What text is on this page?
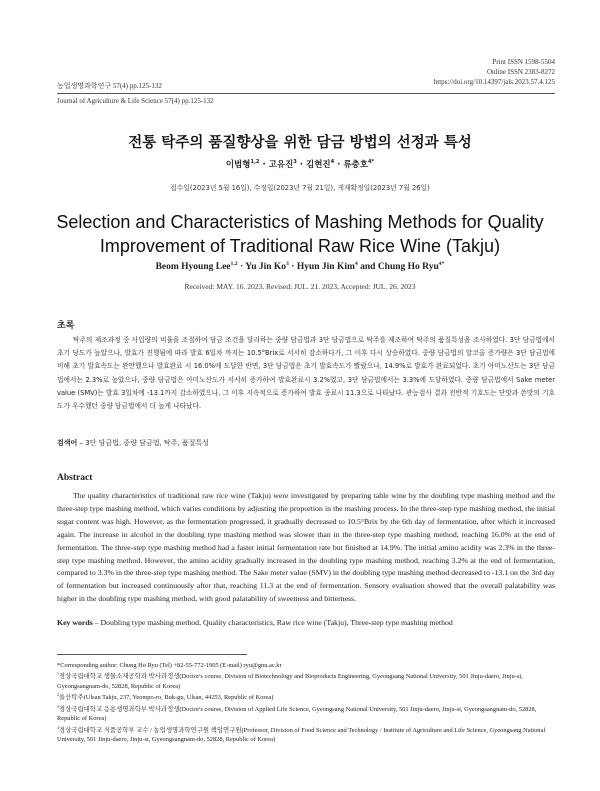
Print ISSN 1598-5504
Online ISSN 2383-8272
https://doi.org/10.14397/jals.2023.57.4.125
농업생명과학연구 57(4) pp.125-132
Journal of Agriculture & Life Science 57(4) pp.125-132
전통 탁주의 품질향상을 위한 담금 방법의 선정과 특성
이범형$^{1,2}$ · 고유진$^3$ · 김현진$^4$ · 류충호$^{4*}$
접수일(2023년 5월 16일), 수정일(2023년 7월 21일), 게재확정일(2023년 7월 26일)
Selection and Characteristics of Mashing Methods for Quality
Improvement of Traditional Raw Rice Wine (Takju)
Beom Hyoung Lee$^{1,2}$ · Yu Jin $Ko^3$ · Hyun Jin Kim$^4$ and Chung Ho Ryu$^{4*}$
Received: MAY. 16. 2023, Revised: JUL. 21. 2023, Accepted: JUL. 26. 2023
초록
탁주의 제조과정 중 사입량의 비율을 조절하여 담금 조건을 달리하는 중량 담금법과 3단 담금법으로 탁주를 제조하여 탁주의 품질특성을 조사하였다. 3단 담금법에서 초기 당도가 높았으나, 발효가 진행됨에 따라 발효 6일차 까지는 10.5°Brix로 서서히 감소하다가, 그 이후 다시 상승하였다. 중량 담금법의 알코올 증가량은 3단 담금법에 비해 초기 발효속도는 완만했으나 발효완료 시 16.0%에 도달한 반면, 3단 담금법은 초기 발효속도가 빨랐으나, 14.9%로 발효가 완료되었다. 초기 아미노산도는 3단 담금법에서는 2.3%로 높았으나, 중량 담금법은 아미노산도가 서서히 증가하여 발효완료시 3.2%였고, 3단 담금법에서는 3.3%에 도달하였다. 중량 담금법에서 Sake meter value (SMV)는 발효 3일차에 -13.1까지 감소하였으나, 그 이후 지속적으로 증가하여 발효 종료시 11.3으로 나타났다. 관능검사 결과 전반적 기호도는 단맛과 쓴맛의 기호도가 우수했던 중량 담금법에서 더 높게 나타났다.
검색어 – 3단 담금법, 중량 담금법, 탁주, 품질특성
Abstract
The quality characteristics of traditional raw rice wine (Takju) were investigated by preparing table wine by the doubling type mashing method and the three-step type mashing method, which varies conditions by adjusting the proportion in the mashing process. In the three-step type mashing method, the initial sugar content was high. However, as the fermentation progressed, it gradually decreased to 10.5°Brix by the 6th day of fermentation, after which it increased again. The increase in alcohol in the doubling type mashing method was slower than in the three-step type mashing method, reaching 16.0% at the end of fermentation. The three-step type mashing method had a faster initial fermentation rate but finished at 14.9%. The initial amino acidity was 2.3% in the three-step type mashing method. However, the amino acidity gradually increased in the doubling type mashing method, reaching 3.2% at the end of fermentation, compared to 3.3% in the three-step type mashing method. The Sake meter value (SMV) in the doubling type mashing method decreased to -13.1 on the 3rd day of fermentation but increased continuously after that, reaching 11.3 at the end of fermentation. Sensory evaluation showed that the overall palatability was higher in the doubling type mashing method, with good palatability of sweetness and bitterness.
Key words – Doubling type mashing method, Quality characteristics, Raw rice wine (Takju), Three-step type mashing method
*Corresponding author: Chung Ho Ryu (Tel) +82-55-772-1905 (E-mail) ryu@gnu.ac.kr
$^1$경상국립대학교 생물소재공학과 박사과정생(Doctor's course, Division of Biotechnology and Bioproducts Engineering, Gyeongsang National University, 501 Jinju-daero, Jinju-si, Gyeongsangnam-do, 52828, Republic of Korea)
$^2$울산탁주(Ulsan Takju, 237, Yeompo-ro, Buk-gu, Ulsan, 44253, Republic of Korea)
$^3$경상국립대학교 응용생명과학부 박사과정생(Doctor's course, Division of Applied Life Science, Gyeongsang National University, 501 Jinju-daero, Jinju-si, Gyeongsangnam-do, 52828, Republic of Korea)
$^4$경상국립대학교 식품공학부 교수 / 농업생명과학연구원 책임연구원(Professor, Division of Food Science and Technology / Institute of Agriculture and Life Science, Gyeongsang National University, 501 Jinju-daero, Jinju-si, Gyeongsangnam-do, 52828, Republic of Korea)
